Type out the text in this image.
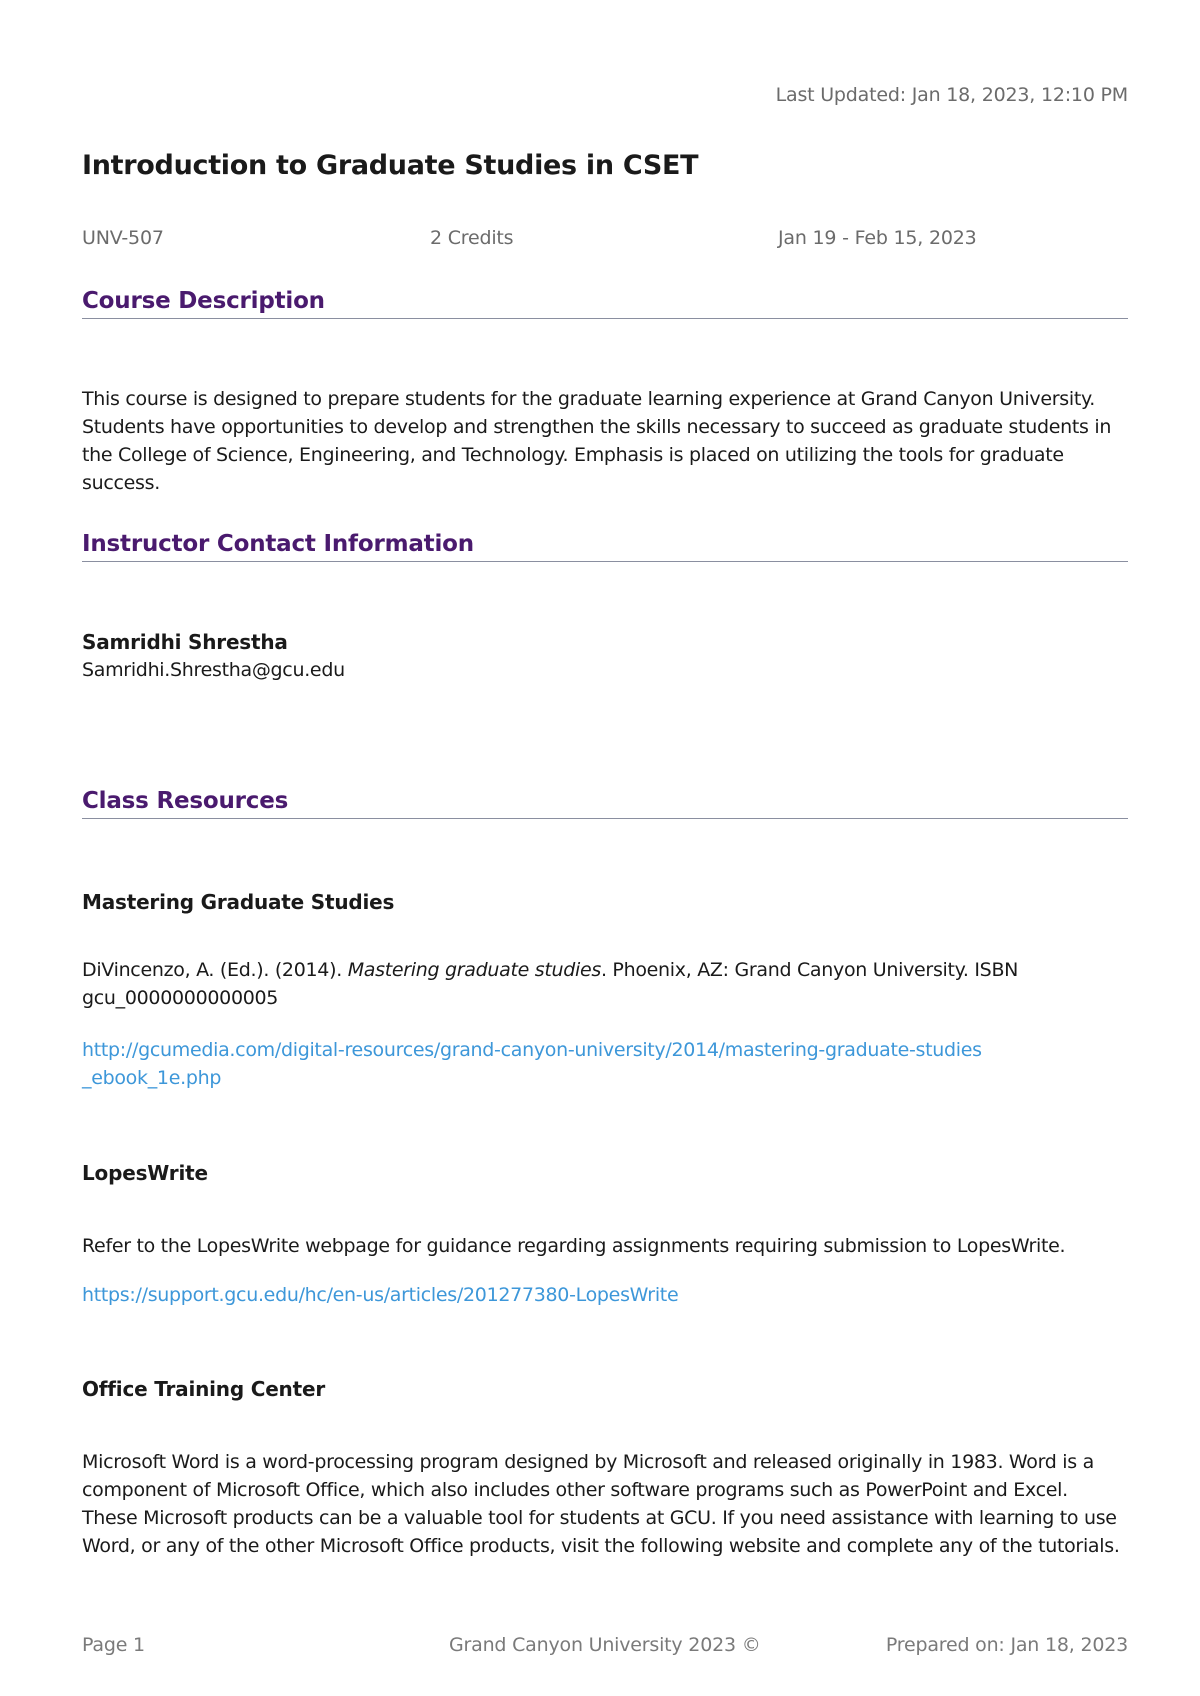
Last Updated: Jan 18, 2023, 12:10 PM
Introduction to Graduate Studies in CSET
UNV-507	2 Credits	Jan 19 - Feb 15, 2023
Course Description

This course is designed to prepare students for the graduate learning experience at Grand Canyon University. Students have opportunities to develop and strengthen the skills necessary to succeed as graduate students in the College of Science, Engineering, and Technology. Emphasis is placed on utilizing the tools for graduate success.

Instructor Contact Information
Samridhi Shrestha
Samridhi.Shrestha@gcu.edu
Class Resources
Mastering Graduate Studies

DiVincenzo, A. (Ed.). (2014). Mastering graduate studies. Phoenix, AZ: Grand Canyon University. ISBN gcu_0000000000005

http://gcumedia.com/digital-resources/grand-canyon-university/2014/mastering-graduate-studies_ebook_1e.php
LopesWrite

Refer to the LopesWrite webpage for guidance regarding assignments requiring submission to LopesWrite.

https://support.gcu.edu/hc/en-us/articles/201277380-LopesWrite
Office Training Center

Microsoft Word is a word-processing program designed by Microsoft and released originally in 1983. Word is a component of Microsoft Office, which also includes other software programs such as PowerPoint and Excel. These Microsoft products can be a valuable tool for students at GCU. If you need assistance with learning to use Word, or any of the other Microsoft Office products, visit the following website and complete any of the tutorials.

Page 1	Grand Canyon University 2023 ©	Prepared on: Jan 18, 2023
